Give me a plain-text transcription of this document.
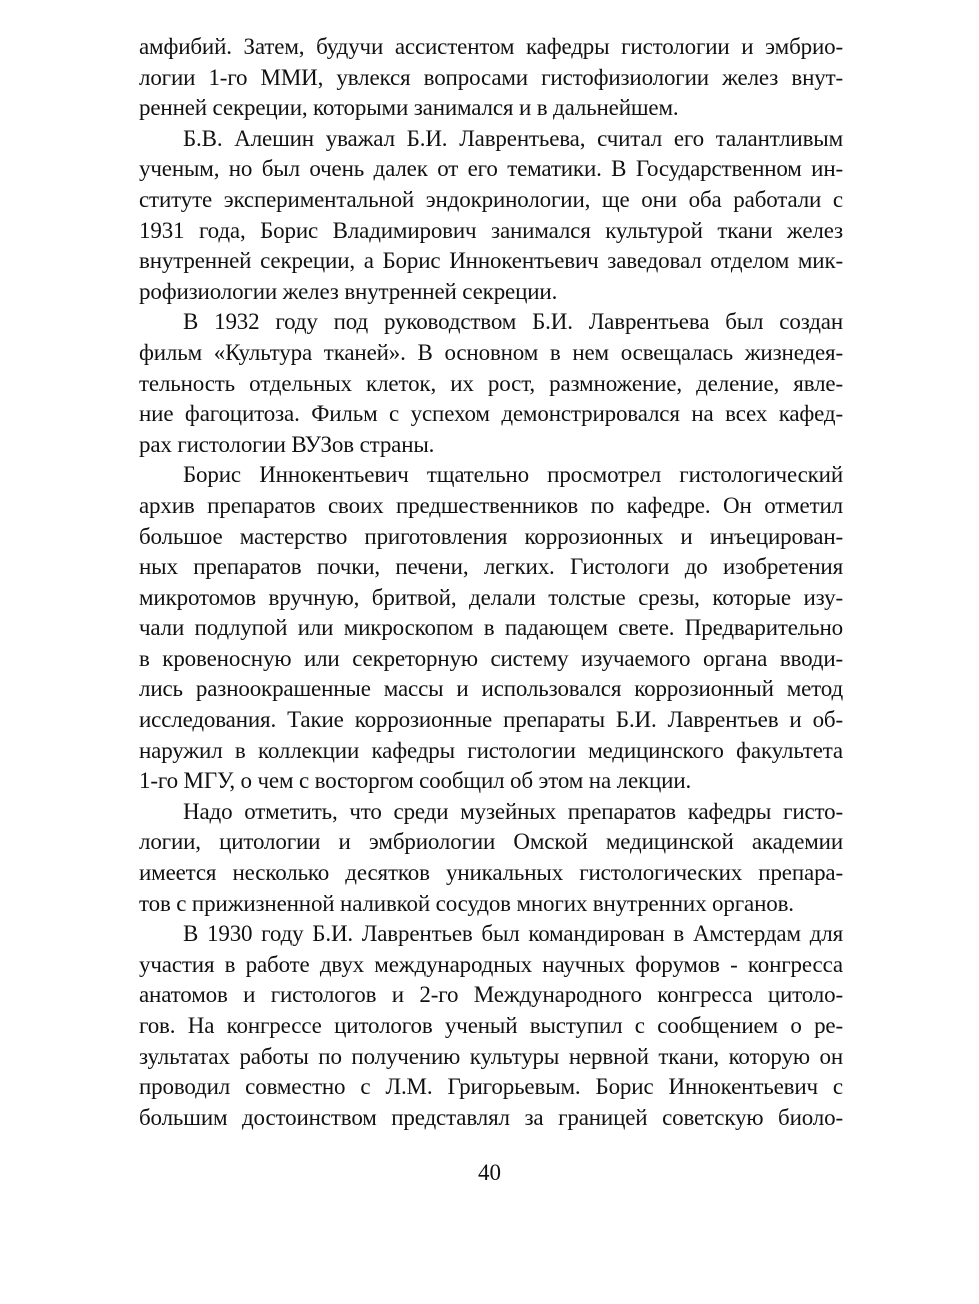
амфибий. Затем, будучи ассистентом кафедры гистологии и эмбрио-
логии 1-го ММИ, увлекся вопросами гистофизиологии желез внут-
ренней секреции, которыми занимался и в дальнейшем.
Б.В. Алешин уважал Б.И. Лаврентьева, считал его талантливым
ученым, но был очень далек от его тематики. В Государственном ин-
ституте экспериментальной эндокринологии, ще они оба работали с
1931 года, Борис Владимирович занимался культурой ткани желез
внутренней секреции, а Борис Иннокентьевич заведовал отделом мик-
рофизиологии желез внутренней секреции.
В 1932 году под руководством Б.И. Лаврентьева был создан
фильм «Культура тканей». В основном в нем освещалась жизнедея-
тельность отдельных клеток, их рост, размножение, деление, явле-
ние фагоцитоза. Фильм с успехом демонстрировался на всех кафед-
рах гистологии ВУЗов страны.
Борис Иннокентьевич тщательно просмотрел гистологический
архив препаратов своих предшественников по кафедре. Он отметил
большое мастерство приготовления коррозионных и инъецирован-
ных препаратов почки, печени, легких. Гистологи до изобретения
микротомов вручную, бритвой, делали толстые срезы, которые изу-
чали подлупой или микроскопом в падающем свете. Предварительно
в кровеносную или секреторную систему изучаемого органа вводи-
лись разноокрашенные массы и использовался коррозионный метод
исследования. Такие коррозионные препараты Б.И. Лаврентьев и об-
наружил в коллекции кафедры гистологии медицинского факультета
1-го МГУ, о чем с восторгом сообщил об этом на лекции.
Надо отметить, что среди музейных препаратов кафедры гисто-
логии, цитологии и эмбриологии Омской медицинской академии
имеется несколько десятков уникальных гистологических препара-
тов с прижизненной наливкой сосудов многих внутренних органов.
В 1930 году Б.И. Лаврентьев был командирован в Амстердам для
участия в работе двух международных научных форумов - конгресса
анатомов и гистологов и 2-го Международного конгресса цитоло-
гов. На конгрессе цитологов ученый выступил с сообщением о ре-
зультатах работы по получению культуры нервной ткани, которую он
проводил совместно с Л.М. Григорьевым. Борис Иннокентьевич с
большим достоинством представлял за границей советскую биоло-
40
